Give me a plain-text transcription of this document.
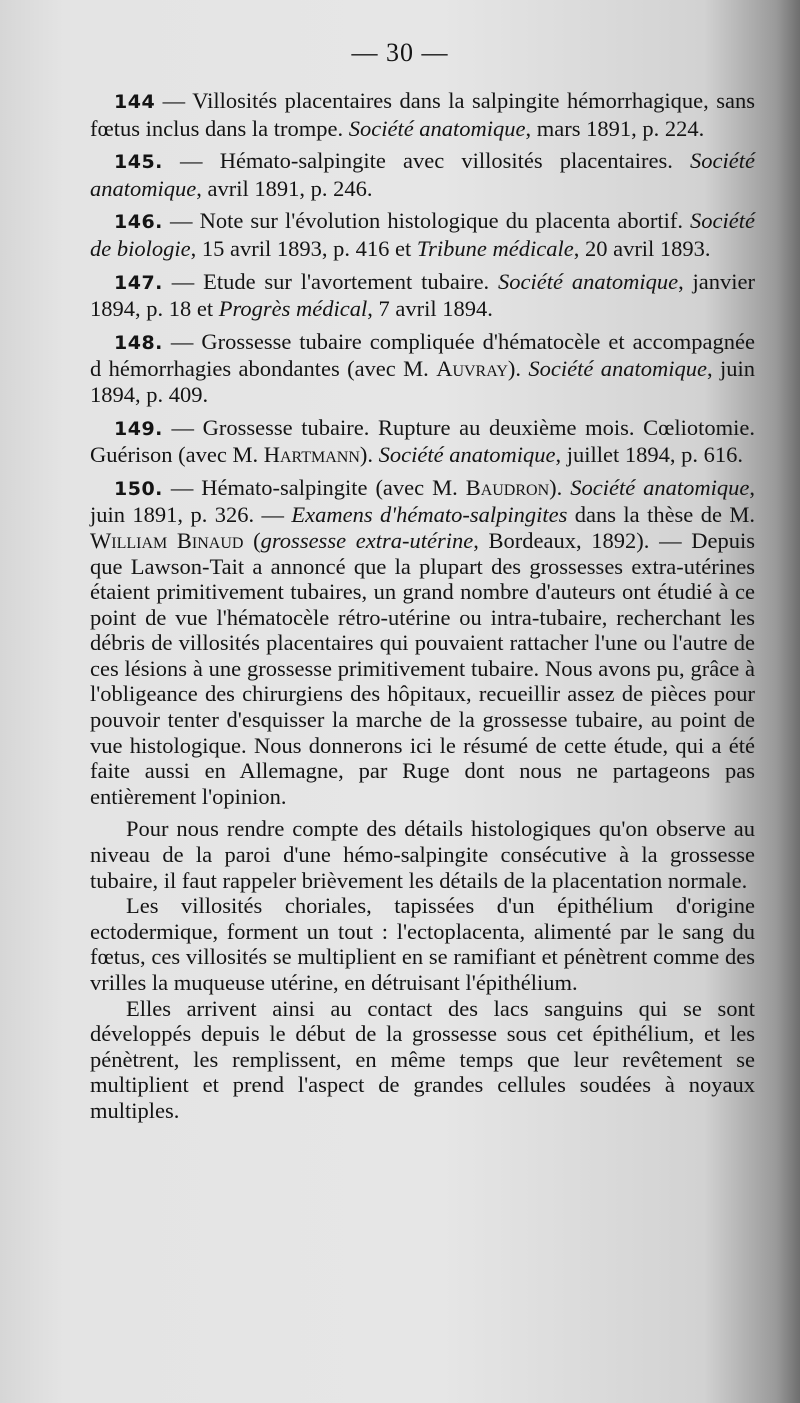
— 30 —

144 — Villosités placentaires dans la salpingite hémorrhagique, sans fœtus inclus dans la trompe. Société anatomique, mars 1891, p. 224.

145. — Hémato-salpingite avec villosités placentaires. Société anatomique, avril 1891, p. 246.

146. — Note sur l'évolution histologique du placenta abortif. Société de biologie, 15 avril 1893, p. 416 et Tribune médicale, 20 avril 1893.

147. — Etude sur l'avortement tubaire. Société anatomique, janvier 1894, p. 18 et Progrès médical, 7 avril 1894.

148. — Grossesse tubaire compliquée d'hématocèle et accompagnée d hémorrhagies abondantes (avec M. Auvray). Société anatomique, juin 1894, p. 409.

149. — Grossesse tubaire. Rupture au deuxième mois. Cœliotomie. Guérison (avec M. Hartmann). Société anatomique, juillet 1894, p. 616.

150. — Hémato-salpingite (avec M. Baudron). Société anatomique, juin 1891, p. 326. — Examens d'hémato-salpingites dans la thèse de M. William Binaud (grossesse extra-utérine, Bordeaux, 1892). — Depuis que Lawson-Tait a annoncé que la plupart des grossesses extra-utérines étaient primitivement tubaires, un grand nombre d'auteurs ont étudié à ce point de vue l'hématocèle rétro-utérine ou intra-tubaire, recherchant les débris de villosités placentaires qui pouvaient rattacher l'une ou l'autre de ces lésions à une grossesse primitivement tubaire. Nous avons pu, grâce à l'obligeance des chirurgiens des hôpitaux, recueillir assez de pièces pour pouvoir tenter d'esquisser la marche de la grossesse tubaire, au point de vue histologique. Nous donnerons ici le résumé de cette étude, qui a été faite aussi en Allemagne, par Ruge dont nous ne partageons pas entièrement l'opinion.

Pour nous rendre compte des détails histologiques qu'on observe au niveau de la paroi d'une hémo-salpingite consécutive à la grossesse tubaire, il faut rappeler brièvement les détails de la placentation normale.

Les villosités choriales, tapissées d'un épithélium d'origine ectodermique, forment un tout : l'ectoplacenta, alimenté par le sang du fœtus, ces villosités se multiplient en se ramifiant et pénètrent comme des vrilles la muqueuse utérine, en détruisant l'épithélium.

Elles arrivent ainsi au contact des lacs sanguins qui se sont développés depuis le début de la grossesse sous cet épithélium, et les pénètrent, les remplissent, en même temps que leur revêtement se multiplient et prend l'aspect de grandes cellules soudées à noyaux multiples.
